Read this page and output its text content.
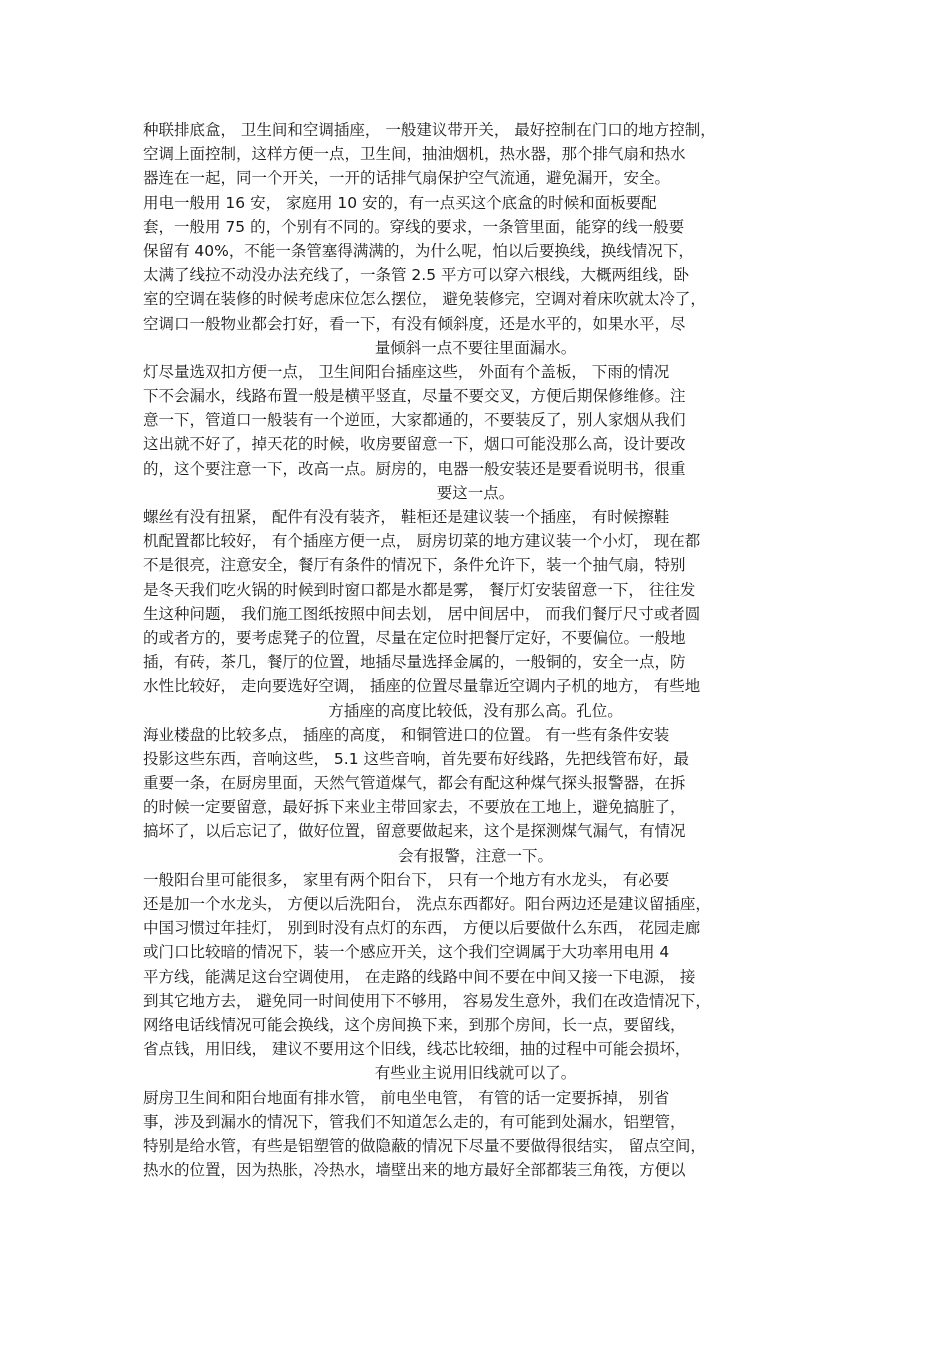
种联排底盒， 卫生间和空调插座， 一般建议带开关， 最好控制在门口的地方控制，
空调上面控制，这样方便一点，卫生间，抽油烟机，热水器，那个排气扇和热水
器连在一起，同一个开关，一开的话排气扇保护空气流通，避免漏开，安全。
用电一般用 16 安， 家庭用 10 安的，有一点买这个底盒的时候和面板要配
套，一般用 75 的，个别有不同的。穿线的要求，一条管里面，能穿的线一般要
保留有 40%，不能一条管塞得满满的，为什么呢，怕以后要换线，换线情况下，
太满了线拉不动没办法充线了，一条管 2.5 平方可以穿六根线，大概两组线，卧
室的空调在装修的时候考虑床位怎么摆位， 避免装修完，空调对着床吹就太冷了，
空调口一般物业都会打好，看一下，有没有倾斜度，还是水平的，如果水平，尽
量倾斜一点不要往里面漏水。
灯尽量选双扣方便一点， 卫生间阳台插座这些， 外面有个盖板， 下雨的情况
下不会漏水，线路布置一般是横平竖直，尽量不要交叉，方便后期保修维修。注
意一下，管道口一般装有一个逆匝，大家都通的，不要装反了，别人家烟从我们
这出就不好了，掉天花的时候，收房要留意一下，烟口可能没那么高，设计要改
的，这个要注意一下，改高一点。厨房的，电器一般安装还是要看说明书，很重
要这一点。
螺丝有没有扭紧， 配件有没有装齐， 鞋柜还是建议装一个插座， 有时候擦鞋
机配置都比较好， 有个插座方便一点， 厨房切菜的地方建议装一个小灯， 现在都
不是很亮，注意安全，餐厅有条件的情况下，条件允许下，装一个抽气扇，特别
是冬天我们吃火锅的时候到时窗口都是水都是雾， 餐厅灯安装留意一下， 往往发
生这种问题， 我们施工图纸按照中间去划， 居中间居中， 而我们餐厅尺寸或者圆
的或者方的，要考虑凳子的位置，尽量在定位时把餐厅定好，不要偏位。一般地
插，有砖，茶几，餐厅的位置，地插尽量选择金属的，一般铜的，安全一点，防
水性比较好， 走向要选好空调， 插座的位置尽量靠近空调内子机的地方， 有些地
方插座的高度比较低，没有那么高。孔位。
海业楼盘的比较多点， 插座的高度， 和铜管进口的位置。 有一些有条件安装
投影这些东西，音响这些， 5.1 这些音响，首先要布好线路，先把线管布好，最
重要一条，在厨房里面，天然气管道煤气，都会有配这种煤气探头报警器，在拆
的时候一定要留意，最好拆下来业主带回家去，不要放在工地上，避免搞脏了，
搞坏了，以后忘记了，做好位置，留意要做起来，这个是探测煤气漏气，有情况
会有报警，注意一下。
一般阳台里可能很多， 家里有两个阳台下， 只有一个地方有水龙头， 有必要
还是加一个水龙头， 方便以后洗阳台， 洗点东西都好。阳台两边还是建议留插座，
中国习惯过年挂灯， 别到时没有点灯的东西， 方便以后要做什么东西， 花园走廊
或门口比较暗的情况下，装一个感应开关，这个我们空调属于大功率用电用 4
平方线，能满足这台空调使用， 在走路的线路中间不要在中间又接一下电源， 接
到其它地方去， 避免同一时间使用下不够用， 容易发生意外，我们在改造情况下，
网络电话线情况可能会换线，这个房间换下来，到那个房间，长一点，要留线，
省点钱，用旧线， 建议不要用这个旧线，线芯比较细，抽的过程中可能会损坏，
有些业主说用旧线就可以了。
厨房卫生间和阳台地面有排水管， 前电坐电管， 有管的话一定要拆掉， 别省
事，涉及到漏水的情况下，管我们不知道怎么走的，有可能到处漏水，铝塑管，
特别是给水管，有些是铝塑管的做隐蔽的情况下尽量不要做得很结实， 留点空间，
热水的位置，因为热胀，冷热水，墙壁出来的地方最好全部都装三角筏，方便以
